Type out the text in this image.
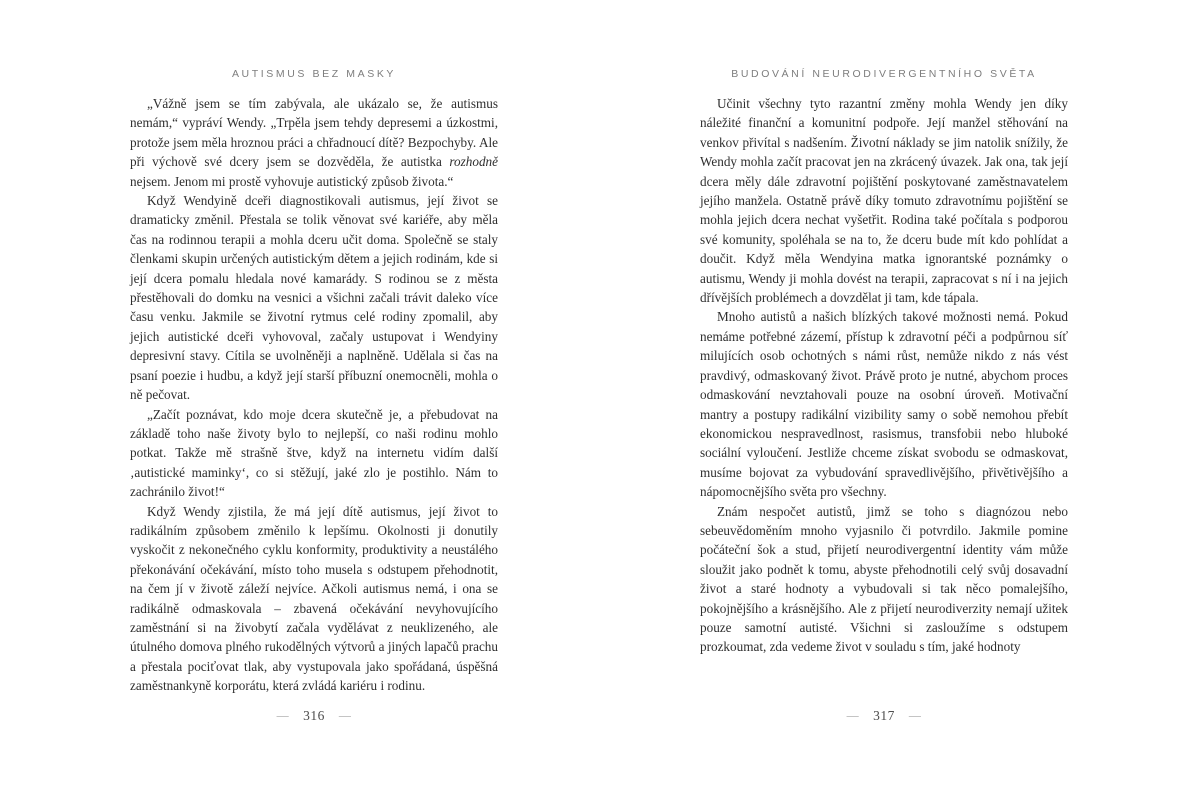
AUTISMUS BEZ MASKY

„Vážně jsem se tím zabývala, ale ukázalo se, že autismus nemám,“ vypráví Wendy. „Trpěla jsem tehdy depresemi a úzkostmi, protože jsem měla hroznou práci a chřadnoucí dítě? Bezpochyby. Ale při výchově své dcery jsem se dozvěděla, že autistka rozhodně nejsem. Jenom mi prostě vyhovuje autistický způsob života.“

Když Wendyině dceři diagnostikovali autismus, její život se dramaticky změnil. Přestala se tolik věnovat své kariéře, aby měla čas na rodinnou terapii a mohla dceru učit doma. Společně se staly členkami skupin určených autistickým dětem a jejich rodinám, kde si její dcera pomalu hledala nové kamarády. S rodinou se z města přestěhovali do domku na vesnici a všichni začali trávit daleko více času venku. Jakmile se životní rytmus celé rodiny zpomalil, aby jejich autistické dceři vyhovoval, začaly ustupovat i Wendyiny depresivní stavy. Cítila se uvolněněji a naplněně. Udělala si čas na psaní poezie i hudbu, a když její starší příbuzní onemocněli, mohla o ně pečovat.

„Začít poznávat, kdo moje dcera skutečně je, a přebudovat na základě toho naše životy bylo to nejlepší, co naši rodinu mohlo potkat. Takže mě strašně štve, když na internetu vidím další ‚autistické maminky‘, co si stěžují, jaké zlo je postihlo. Nám to zachránilo život!“

Když Wendy zjistila, že má její dítě autismus, její život to radikálním způsobem změnilo k lepšímu. Okolnosti ji donutily vyskočit z nekonečného cyklu konformity, produktivity a neustálého překonávání očekávání, místo toho musela s odstupem přehodnotit, na čem jí v životě záleží nejvíce. Ačkoli autismus nemá, i ona se radikálně odmaskovala – zbavená očekávání nevyhovujícího zaměstnání si na živobytí začala vydělávat z neuklizeného, ale útulného domova plného rukodělných výtvorů a jiných lapačů prachu a přestala pociťovat tlak, aby vystupovala jako spořádaná, úspěšná zaměstnankyně korporátu, která zvládá kariéru i rodinu.

— 316 —
BUDOVÁNÍ NEURODIVERGENTNÍHO SVĚTA

Učinit všechny tyto razantní změny mohla Wendy jen díky náležité finanční a komunitní podpoře. Její manžel stěhování na venkov přivítal s nadšením. Životní náklady se jim natolik snížily, že Wendy mohla začít pracovat jen na zkrácený úvazek. Jak ona, tak její dcera měly dále zdravotní pojištění poskytované zaměstnavatelem jejího manžela. Ostatně právě díky tomuto zdravotnímu pojištění se mohla jejich dcera nechat vyšetřit. Rodina také počítala s podporou své komunity, spoléhala se na to, že dceru bude mít kdo pohlídat a doučit. Když měla Wendyina matka ignorantské poznámky o autismu, Wendy ji mohla dovést na terapii, zapracovat s ní i na jejich dřívějších problémech a dovzdělat ji tam, kde tápala.

Mnoho autistů a našich blízkých takové možnosti nemá. Pokud nemáme potřebné zázemí, přístup k zdravotní péči a podpůrnou síť milujících osob ochotných s námi růst, nemůže nikdo z nás vést pravdivý, odmaskovaný život. Právě proto je nutné, abychom proces odmaskování nevztahovali pouze na osobní úroveň. Motivační mantry a postupy radikální vizibility samy o sobě nemohou přebít ekonomickou nespravedlnost, rasismus, transfobii nebo hluboké sociální vyloučení. Jestliže chceme získat svobodu se odmaskovat, musíme bojovat za vybudování spravedlivějšího, přivětivějšího a nápomocnějšího světa pro všechny.

Znám nespočet autistů, jimž se toho s diagnózou nebo sebeuvědoměním mnoho vyjasnilo či potvrdilo. Jakmile pomine počáteční šok a stud, přijetí neurodivergentní identity vám může sloužit jako podnět k tomu, abyste přehodnotili celý svůj dosavadní život a staré hodnoty a vybudovali si tak něco pomalejšího, pokojnějšího a krásnějšího. Ale z přijetí neurodiverzity nemají užitek pouze samotní autisté. Všichni si zasloužíme s odstupem prozkoumat, zda vedeme život v souladu s tím, jaké hodnoty

— 317 —
